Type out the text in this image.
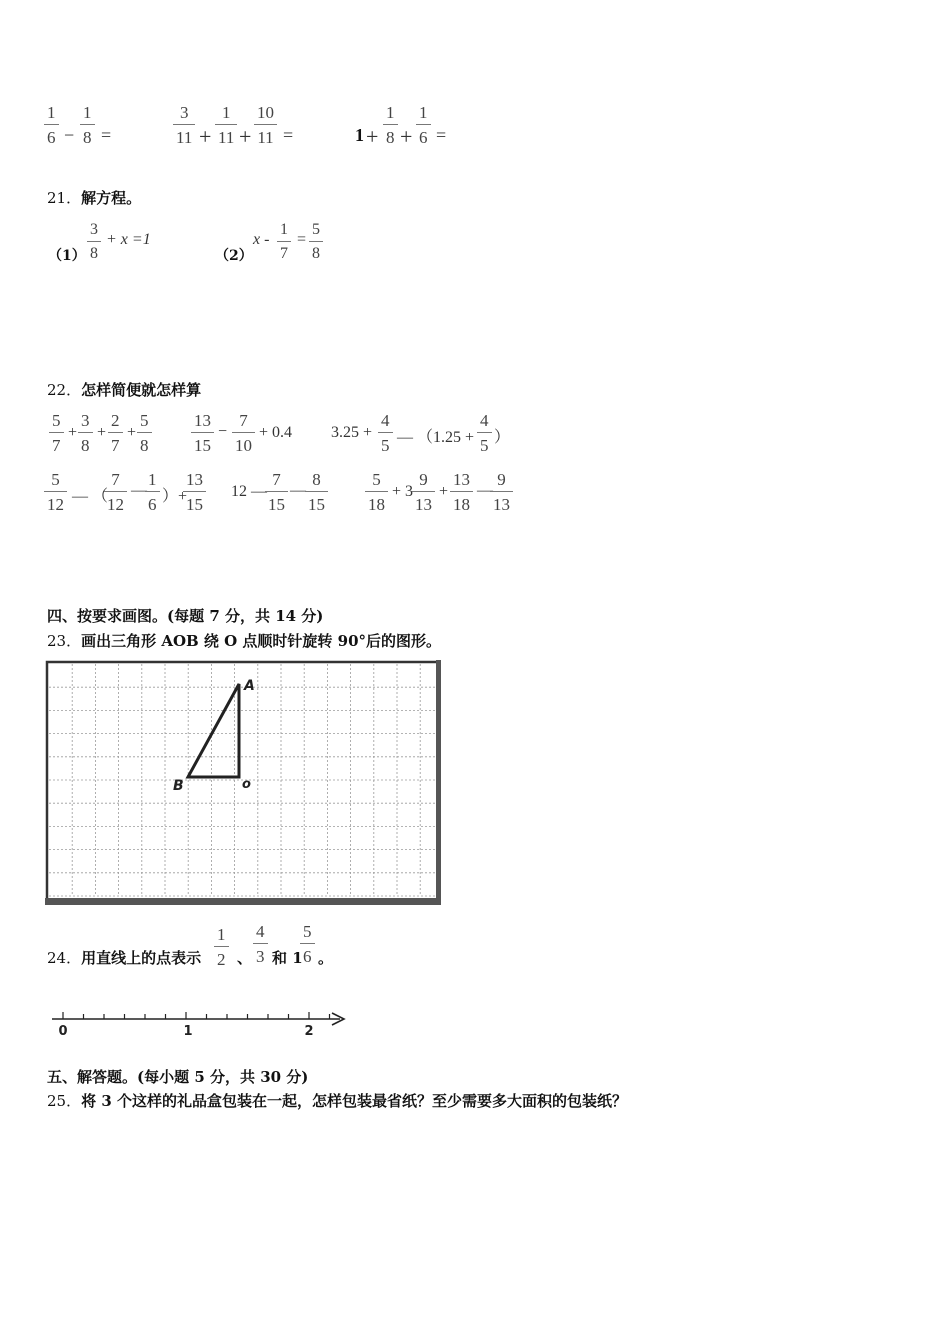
1
6 −
1
8 =
3
11 +
1
11 +
10
11 =	1 +
1
8 +
1
6 =
21．解方程。
（1）
3
8
+ x =1
（2）
x -
1
7
=
5
8
22．怎样简便就怎样算
5
7
+
3
8
+
2
7
+
5
8
13
15
−
7
10
+ 0.4 3.25 +
4
5 — （1.25 +
4
5 ）
5
12 — （
7
12
—
1
6 ）+
13
15
12 —
7
15
—
8
15
5
18
+ 3
9
13
+
13
18
—
9
13
四、按要求画图。(每题 7 分，共 14 分)
23．画出三角形 AOB 绕 O 点顺时针旋转 90°后的图形。
A
B	o
24．用直线上的点表示
1
2 、
4
3 和 1
5
6 。
0	1	2
五、解答题。(每小题 5 分，共 30 分)
25．将 3 个这样的礼品盒包装在一起，怎样包装最省纸？至少需要多大面积的包装纸？
